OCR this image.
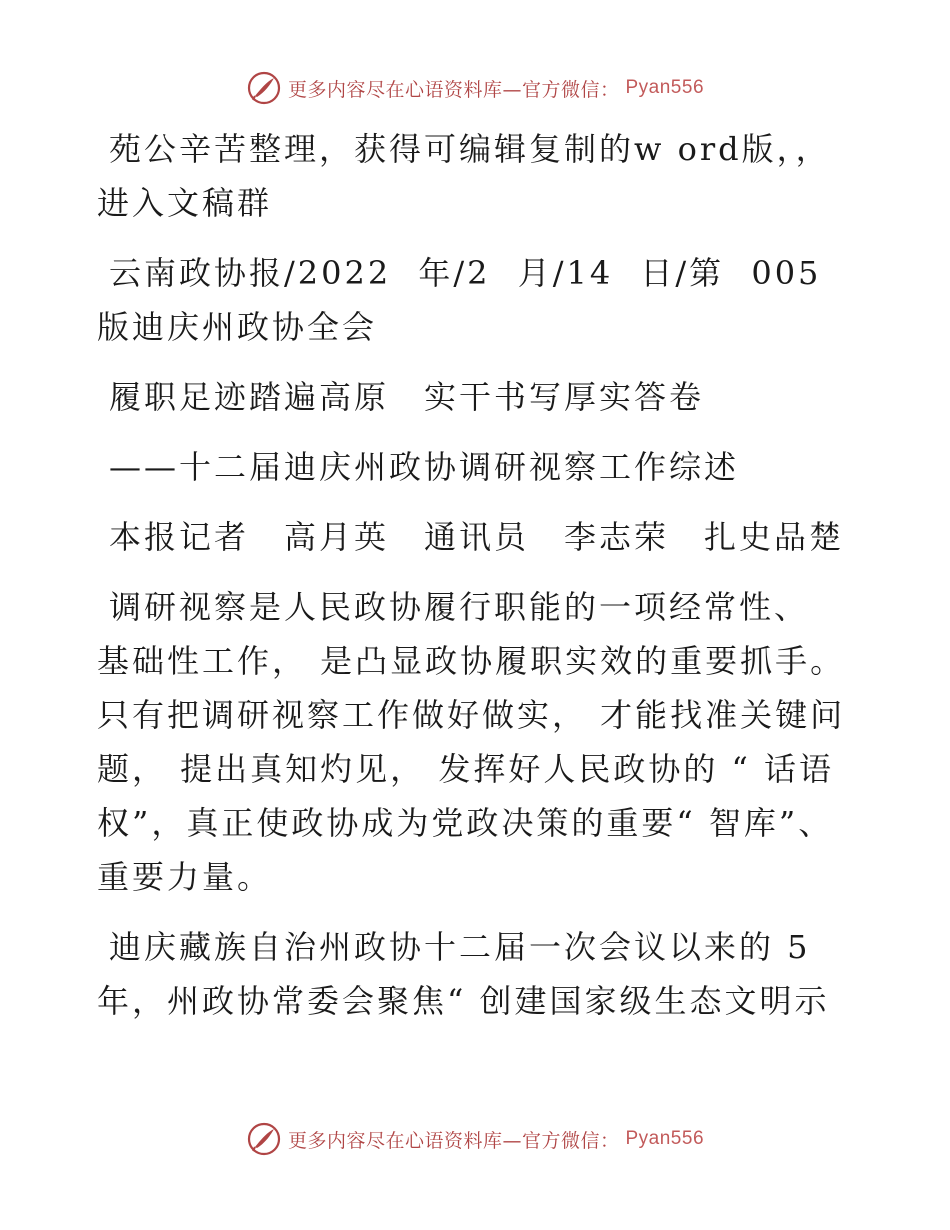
更多内容尽在心语资料库—官方微信： Pyan556

苑公辛苦整理，获得可编辑复制的w ord版，，进入文稿群

云南政协报/2022 年/2 月/14 日/第 005 版迪庆州政协全会

履职足迹踏遍高原　实干书写厚实答卷

——十二届迪庆州政协调研视察工作综述

本报记者　高月英　通讯员　李志荣　扎史品楚

调研视察是人民政协履行职能的一项经常性、 基础性工作， 是凸显政协履职实效的重要抓手。只有把调研视察工作做好做实， 才能找准关键问题， 提出真知灼见， 发挥好人民政协的 “ 话语权”，真正使政协成为党政决策的重要“ 智库”、重要力量。

迪庆藏族自治州政协十二届一次会议以来的 5 年，州政协常委会聚焦“ 创建国家级生态文明示

更多内容尽在心语资料库—官方微信： Pyan556
